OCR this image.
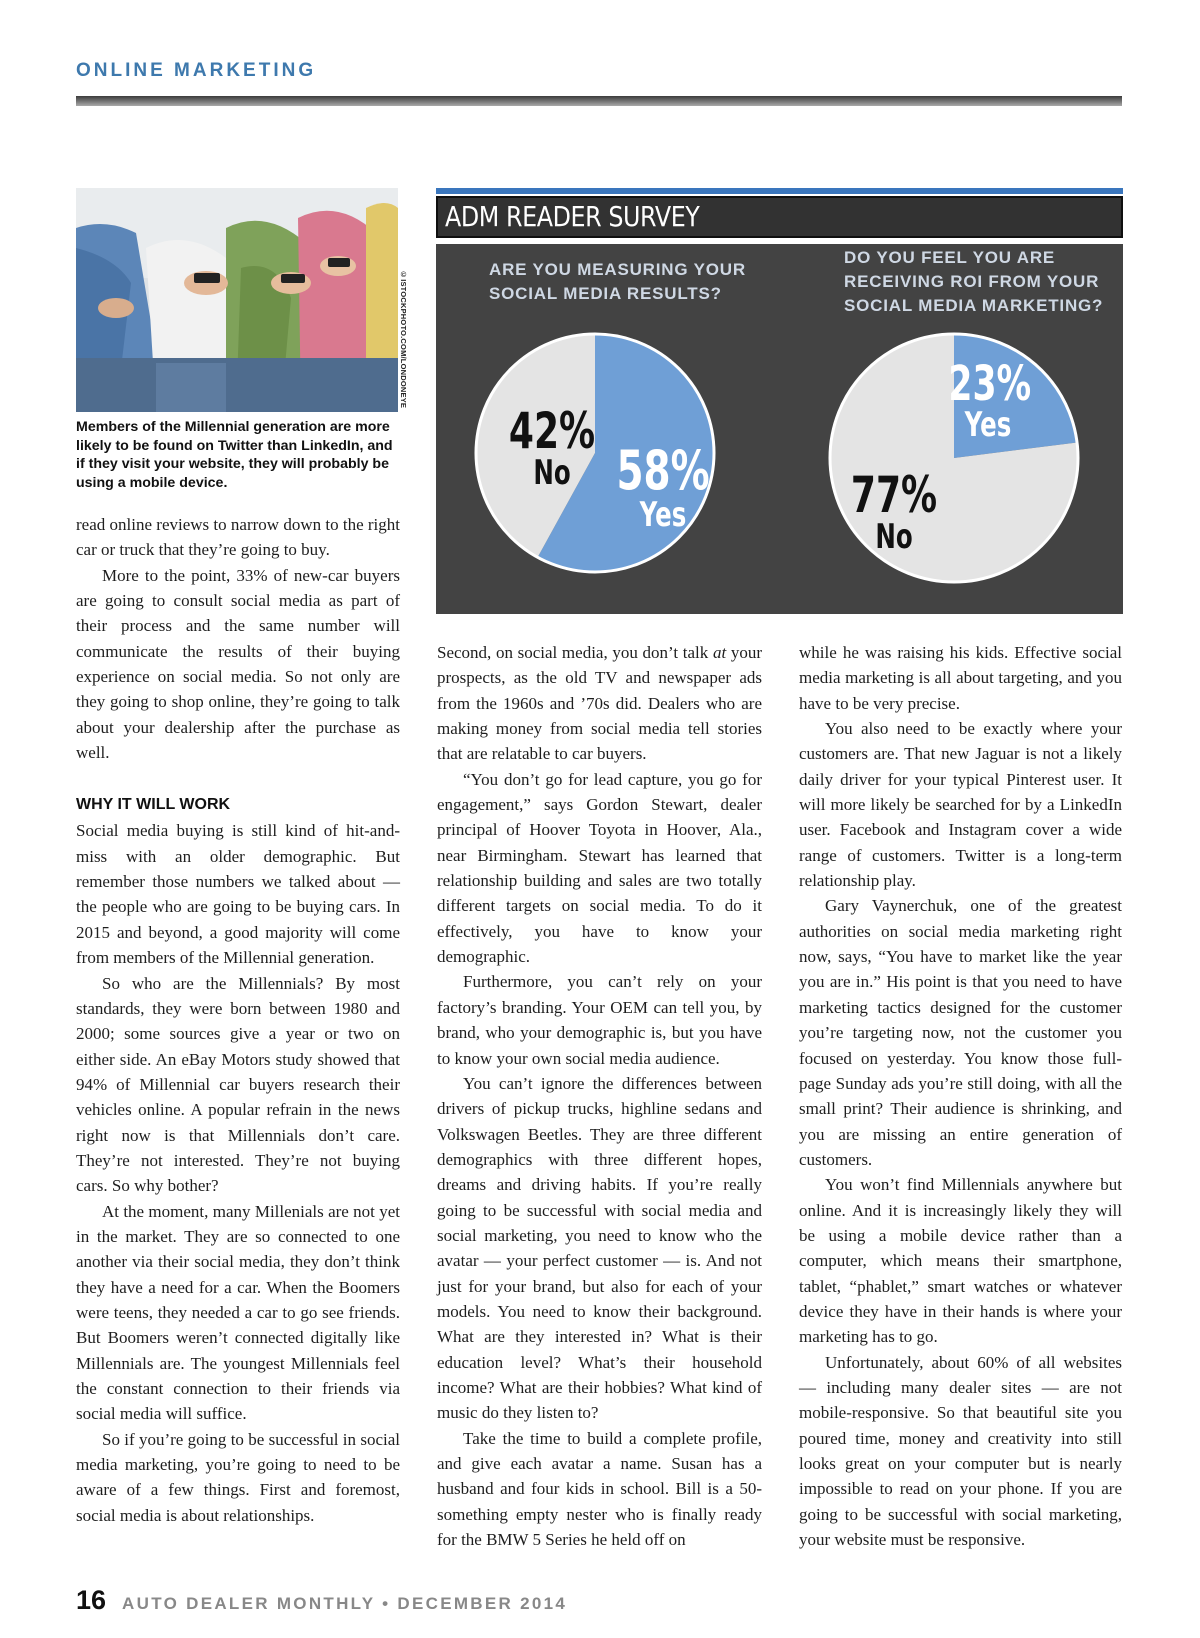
ONLINE MARKETING
©ISTOCKPHOTO.COM/LONDONEYE
Members of the Millennial generation are more likely to be found on Twitter than LinkedIn, and if they visit your website, they will probably be using a mobile device.
ADM READER SURVEY
ARE YOU MEASURING YOUR SOCIAL MEDIA RESULTS?
DO YOU FEEL YOU ARE RECEIVING ROI FROM YOUR SOCIAL MEDIA MARKETING?
42%
No 58%
Yes
23%
Yes
77%
No

read online reviews to narrow down to the right car or truck that they’re going to buy.

More to the point, 33% of new-car buyers are going to consult social media as part of their process and the same number will communicate the results of their buying experience on social media. So not only are they going to shop online, they’re going to talk about your dealership after the purchase as well.

WHY IT WILL WORK

Social media buying is still kind of hit-and-miss with an older demographic. But remember those numbers we talked about — the people who are going to be buying cars. In 2015 and beyond, a good majority will come from members of the Millennial generation.

So who are the Millennials? By most standards, they were born between 1980 and 2000; some sources give a year or two on either side. An eBay Motors study showed that 94% of Millennial car buyers research their vehicles online. A popular refrain in the news right now is that Millennials don’t care. They’re not interested. They’re not buying cars. So why bother?

At the moment, many Millenials are not yet in the market. They are so connected to one another via their social media, they don’t think they have a need for a car. When the Boomers were teens, they needed a car to go see friends. But Boomers weren’t connected digitally like Millennials are. The youngest Millennials feel the constant connection to their friends via social media will suffice.

So if you’re going to be successful in social media marketing, you’re going to need to be aware of a few things. First and foremost, social media is about relationships.

Second, on social media, you don’t talk at your prospects, as the old TV and newspaper ads from the 1960s and ’70s did. Dealers who are making money from social media tell stories that are relatable to car buyers.

“You don’t go for lead capture, you go for engagement,” says Gordon Stewart, dealer principal of Hoover Toyota in Hoover, Ala., near Birmingham. Stewart has learned that relationship building and sales are two totally different targets on social media. To do it effectively, you have to know your demographic.

Furthermore, you can’t rely on your factory’s branding. Your OEM can tell you, by brand, who your demographic is, but you have to know your own social media audience.

You can’t ignore the differences between drivers of pickup trucks, highline sedans and Volkswagen Beetles. They are three different demographics with three different hopes, dreams and driving habits. If you’re really going to be successful with social media and social marketing, you need to know who the avatar — your perfect customer — is. And not just for your brand, but also for each of your models. You need to know their background. What are they interested in? What is their education level? What’s their household income? What are their hobbies? What kind of music do they listen to?

Take the time to build a complete profile, and give each avatar a name. Susan has a husband and four kids in school. Bill is a 50-something empty nester who is finally ready for the BMW 5 Series he held off on

while he was raising his kids. Effective social media marketing is all about targeting, and you have to be very precise.

You also need to be exactly where your customers are. That new Jaguar is not a likely daily driver for your typical Pinterest user. It will more likely be searched for by a LinkedIn user. Facebook and Instagram cover a wide range of customers. Twitter is a long-term relationship play.

Gary Vaynerchuk, one of the greatest authorities on social media marketing right now, says, “You have to market like the year you are in.” His point is that you need to have marketing tactics designed for the customer you’re targeting now, not the customer you focused on yesterday. You know those full-page Sunday ads you’re still doing, with all the small print? Their audience is shrinking, and you are missing an entire generation of customers.

You won’t find Millennials anywhere but online. And it is increasingly likely they will be using a mobile device rather than a computer, which means their smartphone, tablet, “phablet,” smart watches or whatever device they have in their hands is where your marketing has to go.

Unfortunately, about 60% of all websites — including many dealer sites — are not mobile-responsive. So that beautiful site you poured time, money and creativity into still looks great on your computer but is nearly impossible to read on your phone. If you are going to be successful with social marketing, your website must be responsive.

16 AUTO DEALER MONTHLY • DECEMBER 2014
